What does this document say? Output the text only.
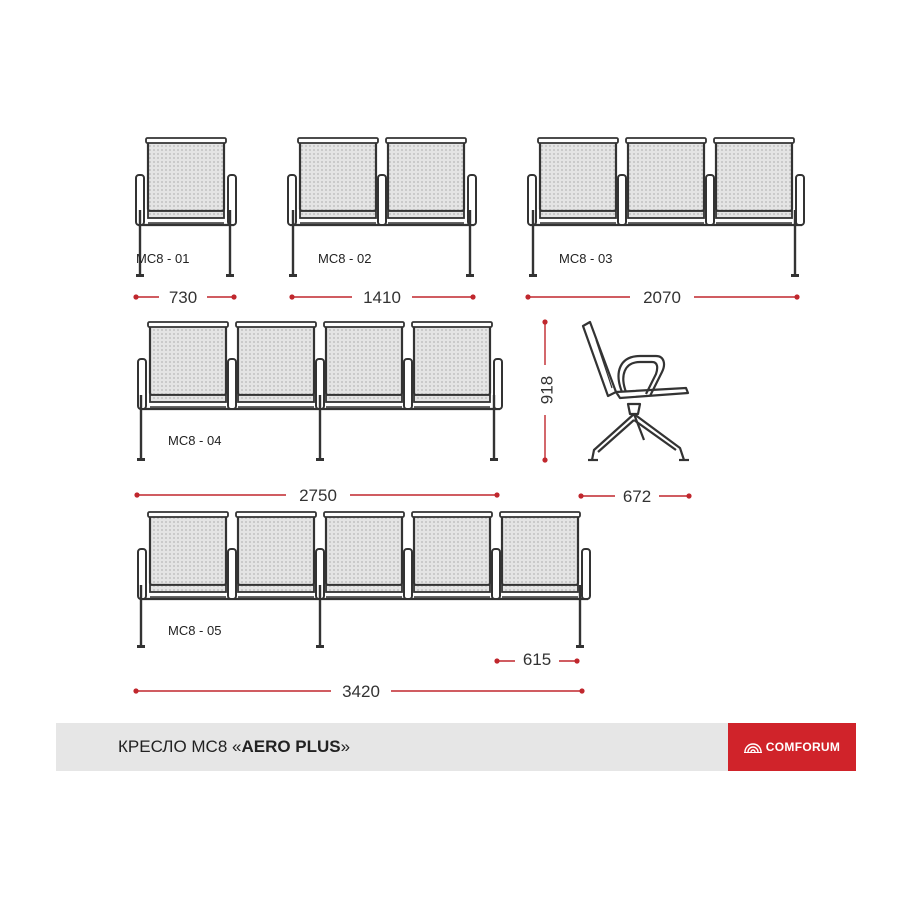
MC8 - 01	MC8 - 02	MC8 - 03
MC8 - 04
MC8 - 05
730	1410	2070
2750
3420
615
672
918
КРЕСЛО МС8 «AERO PLUS»	COMFORUM
